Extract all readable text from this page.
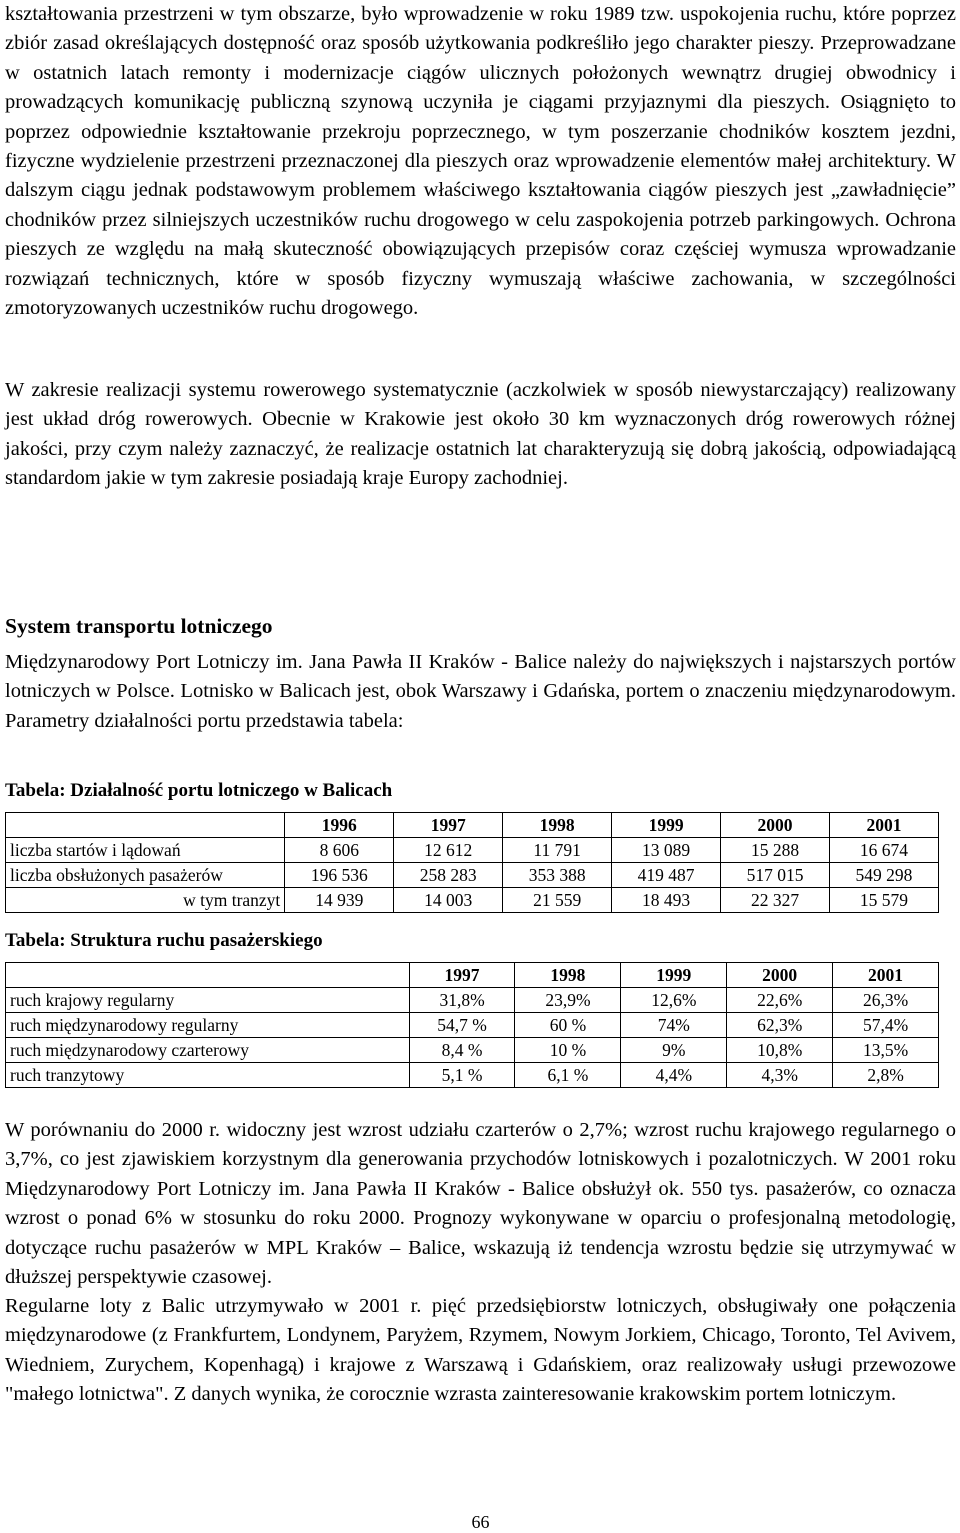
kształtowania przestrzeni w tym obszarze, było wprowadzenie w roku 1989 tzw. uspokojenia ruchu, które poprzez zbiór zasad określających dostępność oraz sposób użytkowania podkreśliło jego charakter pieszy. Przeprowadzane w ostatnich latach remonty i modernizacje ciągów ulicznych położonych wewnątrz drugiej obwodnicy i prowadzących komunikację publiczną szynową uczyniła je ciągami przyjaznymi dla pieszych. Osiągnięto to poprzez odpowiednie kształtowanie przekroju poprzecznego, w tym poszerzanie chodników kosztem jezdni, fizyczne wydzielenie przestrzeni przeznaczonej dla pieszych oraz wprowadzenie elementów małej architektury. W dalszym ciągu jednak podstawowym problemem właściwego kształtowania ciągów pieszych jest „zawładnięcie” chodników przez silniejszych uczestników ruchu drogowego w celu zaspokojenia potrzeb parkingowych. Ochrona pieszych ze względu na małą skuteczność obowiązujących przepisów coraz częściej wymusza wprowadzanie rozwiązań technicznych, które w sposób fizyczny wymuszają właściwe zachowania, w szczególności zmotoryzowanych uczestników ruchu drogowego.

W zakresie realizacji systemu rowerowego systematycznie (aczkolwiek w sposób niewystarczający) realizowany jest układ dróg rowerowych. Obecnie w Krakowie jest około 30 km wyznaczonych dróg rowerowych różnej jakości, przy czym należy zaznaczyć, że realizacje ostatnich lat charakteryzują się dobrą jakością, odpowiadającą standardom jakie w tym zakresie posiadają kraje Europy zachodniej.

System transportu lotniczego

Międzynarodowy Port Lotniczy im. Jana Pawła II Kraków - Balice należy do największych i najstarszych portów lotniczych w Polsce. Lotnisko w Balicach jest, obok Warszawy i Gdańska, portem o znaczeniu międzynarodowym. Parametry działalności portu przedstawia tabela:

Tabela: Działalność portu lotniczego w Balicach
	1996	1997	1998	1999	2000	2001
liczba startów i lądowań	8 606	12 612	11 791	13 089	15 288	16 674
liczba obsłużonych pasażerów	196 536	258 283	353 388	419 487	517 015	549 298
w tym tranzyt	14 939	14 003	21 559	18 493	22 327	15 579
Tabela: Struktura ruchu pasażerskiego
	1997	1998	1999	2000	2001
ruch krajowy regularny	31,8%	23,9%	12,6%	22,6%	26,3%
ruch międzynarodowy regularny	54,7 %	60 %	74%	62,3%	57,4%
ruch międzynarodowy czarterowy	8,4 %	10 %	9%	10,8%	13,5%
ruch tranzytowy	5,1 %	6,1 %	4,4%	4,3%	2,8%

W porównaniu do 2000 r. widoczny jest wzrost udziału czarterów o 2,7%; wzrost ruchu krajowego regularnego o 3,7%, co jest zjawiskiem korzystnym dla generowania przychodów lotniskowych i pozalotniczych. W 2001 roku Międzynarodowy Port Lotniczy im. Jana Pawła II Kraków - Balice obsłużył ok. 550 tys. pasażerów, co oznacza wzrost o ponad 6% w stosunku do roku 2000. Prognozy wykonywane w oparciu o profesjonalną metodologię, dotyczące ruchu pasażerów w MPL Kraków – Balice, wskazują iż tendencja wzrostu będzie się utrzymywać w dłuższej perspektywie czasowej.

Regularne loty z Balic utrzymywało w 2001 r. pięć przedsiębiorstw lotniczych, obsługiwały one połączenia międzynarodowe (z Frankfurtem, Londynem, Paryżem, Rzymem, Nowym Jorkiem, Chicago, Toronto, Tel Avivem, Wiedniem, Zurychem, Kopenhagą) i krajowe z Warszawą i Gdańskiem, oraz realizowały usługi przewozowe "małego lotnictwa". Z danych wynika, że corocznie wzrasta zainteresowanie krakowskim portem lotniczym.

66
